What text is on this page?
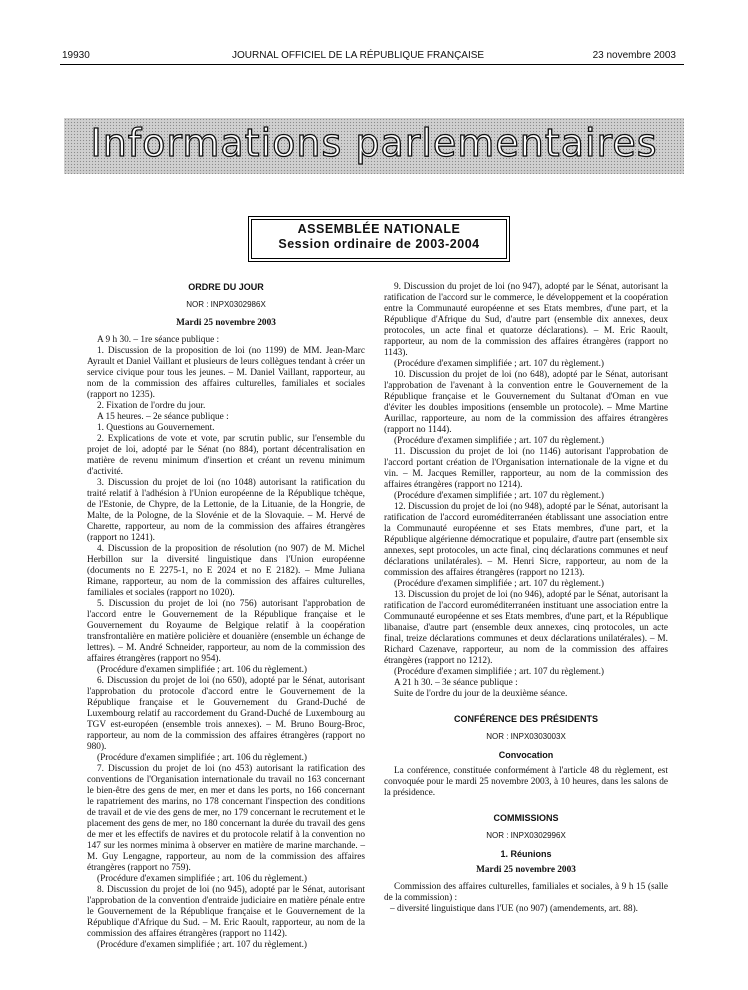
19930	JOURNAL OFFICIEL DE LA RÉPUBLIQUE FRANÇAISE	23 novembre 2003
Informations parlementaires
ASSEMBLÉE NATIONALE
Session ordinaire de 2003-2004

ORDRE DU JOUR

NOR : INPX0302986X

Mardi 25 novembre 2003

A 9 h 30. – 1re séance publique :

1. Discussion de la proposition de loi (no 1199) de MM. Jean-Marc Ayrault et Daniel Vaillant et plusieurs de leurs collègues tendant à créer un service civique pour tous les jeunes. – M. Daniel Vaillant, rapporteur, au nom de la commission des affaires culturelles, familiales et sociales (rapport no 1235).

2. Fixation de l'ordre du jour.

A 15 heures. – 2e séance publique :

1. Questions au Gouvernement.

2. Explications de vote et vote, par scrutin public, sur l'ensemble du projet de loi, adopté par le Sénat (no 884), portant décentralisation en matière de revenu minimum d'insertion et créant un revenu minimum d'activité.

3. Discussion du projet de loi (no 1048) autorisant la ratification du traité relatif à l'adhésion à l'Union européenne de la République tchèque, de l'Estonie, de Chypre, de la Lettonie, de la Lituanie, de la Hongrie, de Malte, de la Pologne, de la Slovénie et de la Slovaquie. – M. Hervé de Charette, rapporteur, au nom de la commission des affaires étrangères (rapport no 1241).

4. Discussion de la proposition de résolution (no 907) de M. Michel Herbillon sur la diversité linguistique dans l'Union européenne (documents no E 2275-1, no E 2024 et no E 2182). – Mme Juliana Rimane, rapporteur, au nom de la commission des affaires culturelles, familiales et sociales (rapport no 1020).

5. Discussion du projet de loi (no 756) autorisant l'approbation de l'accord entre le Gouvernement de la République française et le Gouvernement du Royaume de Belgique relatif à la coopération transfrontalière en matière policière et douanière (ensemble un échange de lettres). – M. André Schneider, rapporteur, au nom de la commission des affaires étrangères (rapport no 954).

(Procédure d'examen simplifiée ; art. 106 du règlement.)

6. Discussion du projet de loi (no 650), adopté par le Sénat, autorisant l'approbation du protocole d'accord entre le Gouvernement de la République française et le Gouvernement du Grand-Duché de Luxembourg relatif au raccordement du Grand-Duché de Luxembourg au TGV est-européen (ensemble trois annexes). – M. Bruno Bourg-Broc, rapporteur, au nom de la commission des affaires étrangères (rapport no 980).

(Procédure d'examen simplifiée ; art. 106 du règlement.)

7. Discussion du projet de loi (no 453) autorisant la ratification des conventions de l'Organisation internationale du travail no 163 concernant le bien-être des gens de mer, en mer et dans les ports, no 166 concernant le rapatriement des marins, no 178 concernant l'inspection des conditions de travail et de vie des gens de mer, no 179 concernant le recrutement et le placement des gens de mer, no 180 concernant la durée du travail des gens de mer et les effectifs de navires et du protocole relatif à la convention no 147 sur les normes minima à observer en matière de marine marchande. – M. Guy Lengagne, rapporteur, au nom de la commission des affaires étrangères (rapport no 759).

(Procédure d'examen simplifiée ; art. 106 du règlement.)

8. Discussion du projet de loi (no 945), adopté par le Sénat, autorisant l'approbation de la convention d'entraide judiciaire en matière pénale entre le Gouvernement de la République française et le Gouvernement de la République d'Afrique du Sud. – M. Eric Raoult, rapporteur, au nom de la commission des affaires étrangères (rapport no 1142).

(Procédure d'examen simplifiée ; art. 107 du règlement.)

9. Discussion du projet de loi (no 947), adopté par le Sénat, autorisant la ratification de l'accord sur le commerce, le développement et la coopération entre la Communauté européenne et ses Etats membres, d'une part, et la République d'Afrique du Sud, d'autre part (ensemble dix annexes, deux protocoles, un acte final et quatorze déclarations). – M. Eric Raoult, rapporteur, au nom de la commission des affaires étrangères (rapport no 1143).

(Procédure d'examen simplifiée ; art. 107 du règlement.)

10. Discussion du projet de loi (no 648), adopté par le Sénat, autorisant l'approbation de l'avenant à la convention entre le Gouvernement de la République française et le Gouvernement du Sultanat d'Oman en vue d'éviter les doubles impositions (ensemble un protocole). – Mme Martine Aurillac, rapporteure, au nom de la commission des affaires étrangères (rapport no 1144).

(Procédure d'examen simplifiée ; art. 107 du règlement.)

11. Discussion du projet de loi (no 1146) autorisant l'approbation de l'accord portant création de l'Organisation internationale de la vigne et du vin. – M. Jacques Remiller, rapporteur, au nom de la commission des affaires étrangères (rapport no 1214).

(Procédure d'examen simplifiée ; art. 107 du règlement.)

12. Discussion du projet de loi (no 948), adopté par le Sénat, autorisant la ratification de l'accord euroméditerranéen établissant une association entre la Communauté européenne et ses Etats membres, d'une part, et la République algérienne démocratique et populaire, d'autre part (ensemble six annexes, sept protocoles, un acte final, cinq déclarations communes et neuf déclarations unilatérales). – M. Henri Sicre, rapporteur, au nom de la commission des affaires étrangères (rapport no 1213).

(Procédure d'examen simplifiée ; art. 107 du règlement.)

13. Discussion du projet de loi (no 946), adopté par le Sénat, autorisant la ratification de l'accord euroméditerranéen instituant une association entre la Communauté européenne et ses Etats membres, d'une part, et la République libanaise, d'autre part (ensemble deux annexes, cinq protocoles, un acte final, treize déclarations communes et deux déclarations unilatérales). – M. Richard Cazenave, rapporteur, au nom de la commission des affaires étrangères (rapport no 1212).

(Procédure d'examen simplifiée ; art. 107 du règlement.)

A 21 h 30. – 3e séance publique :

Suite de l'ordre du jour de la deuxième séance.

CONFÉRENCE DES PRÉSIDENTS

NOR : INPX0303003X

Convocation

La conférence, constituée conformément à l'article 48 du règlement, est convoquée pour le mardi 25 novembre 2003, à 10 heures, dans les salons de la présidence.

COMMISSIONS

NOR : INPX0302996X

1. Réunions

Mardi 25 novembre 2003

Commission des affaires culturelles, familiales et sociales, à 9 h 15 (salle de la commission) :

– diversité linguistique dans l'UE (no 907) (amendements, art. 88).
